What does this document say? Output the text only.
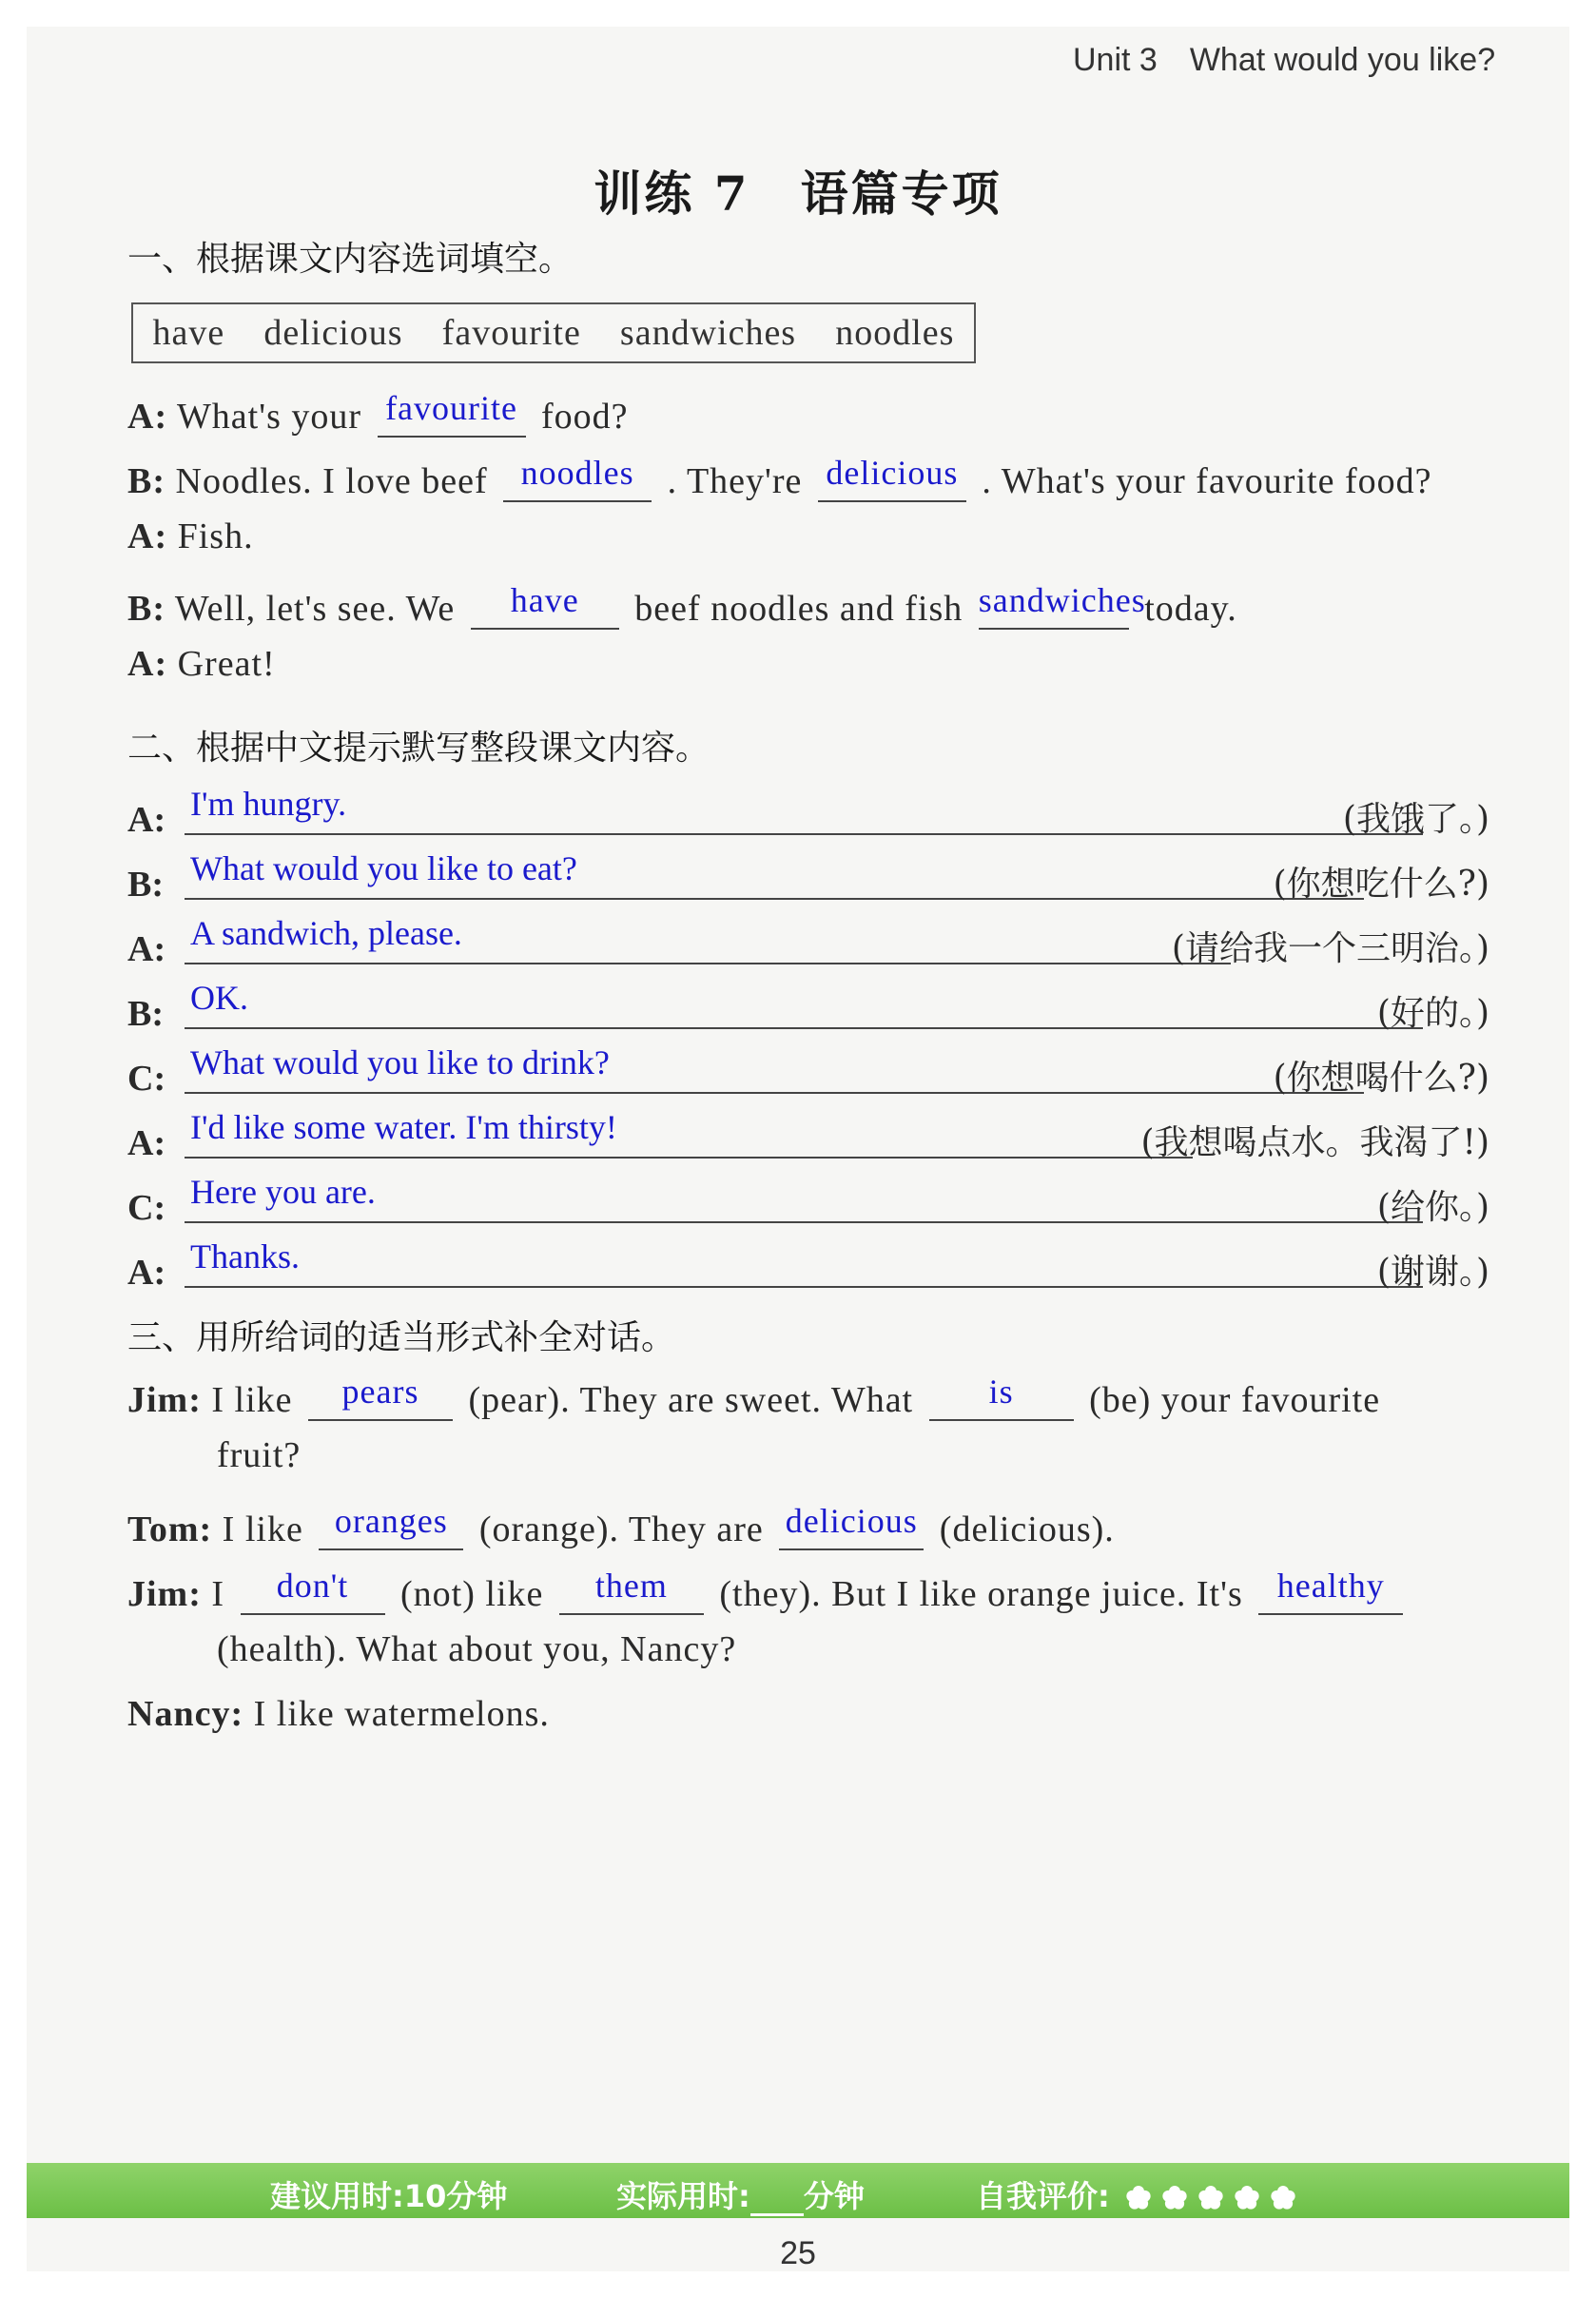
Unit 3 What would you like?
训练 7　语篇专项
一、根据课文内容选词填空。
have delicious favourite sandwiches noodles
A: What's your favourite food?
B: Noodles. I love beef noodles . They're delicious . What's your favourite food?
A: Fish.
B: Well, let's see. We	have	beef noodles and fish sandwiches
today.
A: Great!
二、根据中文提示默写整段课文内容。
A: I'm hungry.	(我饿了。)
B: What would you like to eat?	(你想吃什么?)
A: A sandwich, please.	(请给我一个三明治。)
B: OK.	(好的。)
C: What would you like to drink?	(你想喝什么?)
A: I'd like some water. I'm thirsty!	(我想喝点水。我渴了!)
C: Here you are.	(给你。)
A: Thanks.	(谢谢。)
三、用所给词的适当形式补全对话。
Jim: I like	pears	(pear). They are sweet. What	is	(be) your favourite
fruit?
Tom: I like oranges (orange). They are delicious (delicious).
Jim: I	don't	(not) like	them	(they). But I like orange juice. It's	healthy
(health). What about you, Nancy?
Nancy: I like watermelons.
建议用时:10分钟	实际用时: 分钟	自我评价:
25
